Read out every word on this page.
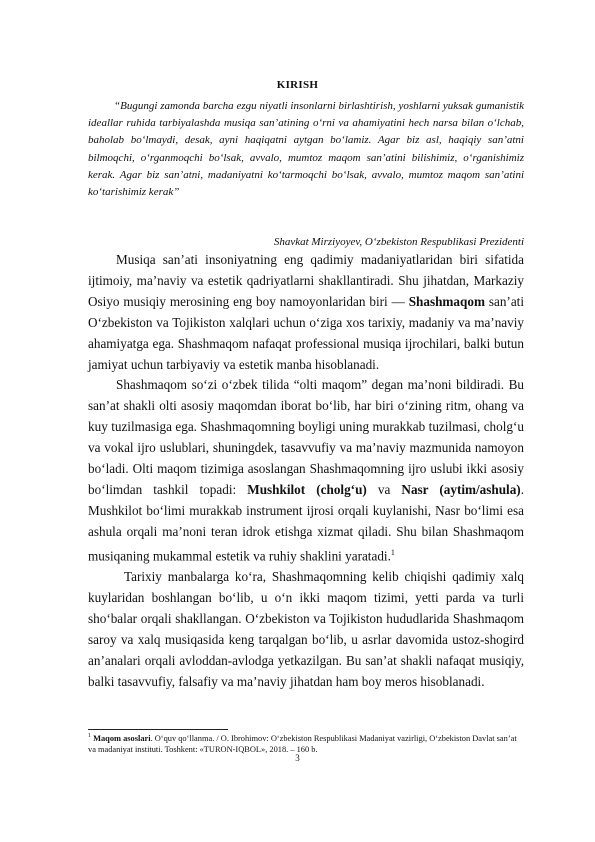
KIRISH
“Bugungi zamonda barcha ezgu niyatli insonlarni birlashtirish, yoshlarni yuksak gumanistik ideallar ruhida tarbiyalashda musiqa san’atining o‘rni va ahamiyatini hech narsa bilan o‘lchab, baholab bo‘lmaydi, desak, ayni haqiqatni aytgan bo‘lamiz. Agar biz asl, haqiqiy san’atni bilmoqchi, o‘rganmoqchi bo‘lsak, avvalo, mumtoz maqom san’atini bilishimiz, o‘rganishimiz kerak. Agar biz san’atni, madaniyatni ko‘tarmoqchi bo‘lsak, avvalo, mumtoz maqom san’atini ko‘tarishimiz kerak”
Shavkat Mirziyoyev, O‘zbekiston Respublikasi Prezidenti

Musiqa san’ati insoniyatning eng qadimiy madaniyatlaridan biri sifatida ijtimoiy, ma’naviy va estetik qadriyatlarni shakllantiradi. Shu jihatdan, Markaziy Osiyo musiqiy merosining eng boy namoyonlaridan biri — Shashmaqom san’ati O‘zbekiston va Tojikiston xalqlari uchun o‘ziga xos tarixiy, madaniy va ma’naviy ahamiyatga ega. Shashmaqom nafaqat professional musiqa ijrochilari, balki butun jamiyat uchun tarbiyaviy va estetik manba hisoblanadi.

Shashmaqom so‘zi o‘zbek tilida “olti maqom” degan ma’noni bildiradi. Bu san’at shakli olti asosiy maqomdan iborat bo‘lib, har biri o‘zining ritm, ohang va kuy tuzilmasiga ega. Shashmaqomning boyligi uning murakkab tuzilmasi, cholg‘u va vokal ijro uslublari, shuningdek, tasavvufiy va ma’naviy mazmunida namoyon bo‘ladi. Olti maqom tizimiga asoslangan Shashmaqomning ijro uslubi ikki asosiy bo‘limdan tashkil topadi: Mushkilot (cholg‘u) va Nasr (aytim/ashula). Mushkilot bo‘limi murakkab instrument ijrosi orqali kuylanishi, Nasr bo‘limi esa ashula orqali ma’noni teran idrok etishga xizmat qiladi. Shu bilan Shashmaqom musiqaning mukammal estetik va ruhiy shaklini yaratadi.$^1$

Tarixiy manbalarga ko‘ra, Shashmaqomning kelib chiqishi qadimiy xalq kuylaridan boshlangan bo‘lib, u o‘n ikki maqom tizimi, yetti parda va turli sho‘balar orqali shakllangan. O‘zbekiston va Tojikiston hududlarida Shashmaqom saroy va xalq musiqasida keng tarqalgan bo‘lib, u asrlar davomida ustoz-shogird an’analari orqali avloddan-avlodga yetkazilgan. Bu san’at shakli nafaqat musiqiy, balki tasavvufiy, falsafiy va ma’naviy jihatdan ham boy meros hisoblanadi.

$^1$ Maqom asoslari. O‘quv qo‘llanma. / O. Ibrohimov: O‘zbekiston Respublikasi Madaniyat vazirligi, O‘zbekiston Davlat san’at va madaniyat instituti. Toshkent: «TURON-IQBOL», 2018. – 160 b.
3
